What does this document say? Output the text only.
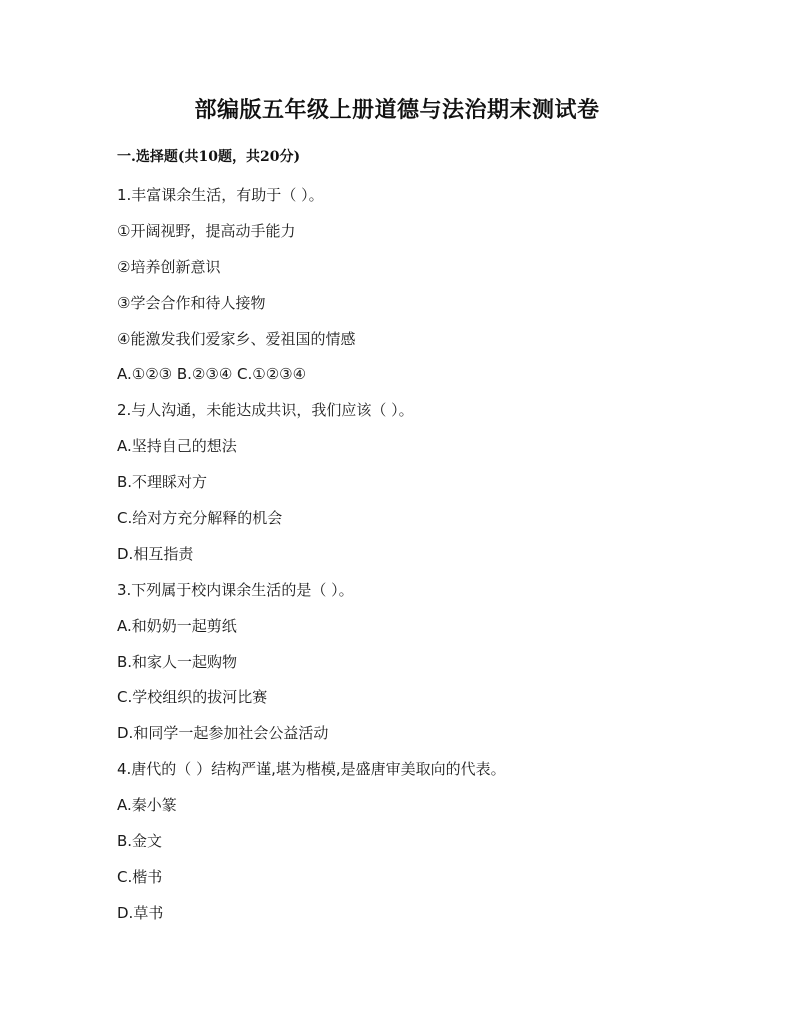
部编版五年级上册道德与法治期末测试卷
一.选择题(共10题，共20分)
1.丰富课余生活，有助于（ ）。
①开阔视野，提高动手能力
②培养创新意识
③学会合作和待人接物
④能激发我们爱家乡、爱祖国的情感
A.①②③ B.②③④ C.①②③④
2.与人沟通，未能达成共识，我们应该（ ）。
A.坚持自己的想法
B.不理睬对方
C.给对方充分解释的机会
D.相互指责
3.下列属于校内课余生活的是（ ）。
A.和奶奶一起剪纸
B.和家人一起购物
C.学校组织的拔河比赛
D.和同学一起参加社会公益活动
4.唐代的（ ）结构严谨,堪为楷模,是盛唐审美取向的代表。
A.秦小篆
B.金文
C.楷书
D.草书
